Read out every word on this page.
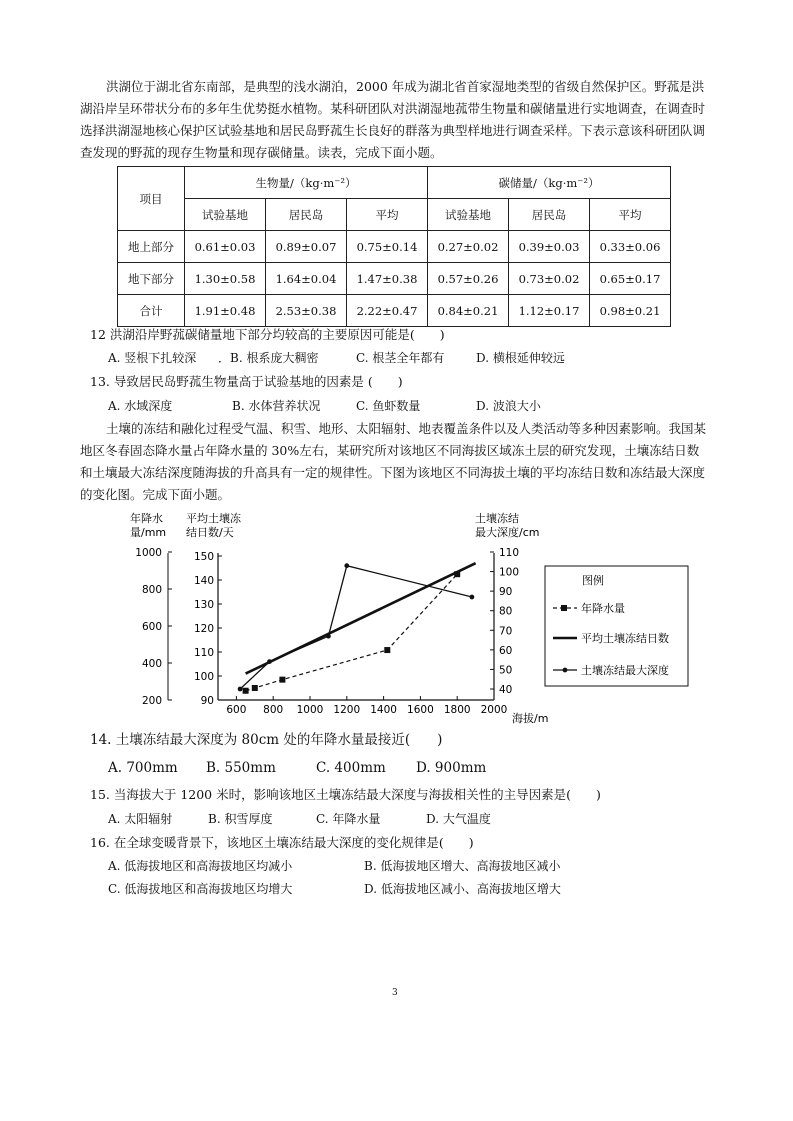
洪湖位于湖北省东南部，是典型的浅水湖泊，2000 年成为湖北省首家湿地类型的省级自然保护区。野菰是洪湖沿岸呈环带状分布的多年生优势挺水植物。某科研团队对洪湖湿地菰带生物量和碳储量进行实地调查，在调查时选择洪湖湿地核心保护区试验基地和居民岛野菰生长良好的群落为典型样地进行调查采样。下表示意该科研团队调查发现的野菰的现存生物量和现存碳储量。读表，完成下面小题。
项目	生物量/（kg·m⁻²）			碳储量/（kg·m⁻²）		
	试验基地	居民岛	平均	试验基地	居民岛	平均
地上部分	0.61±0.03	0.89±0.07	0.75±0.14	0.27±0.02	0.39±0.03	0.33±0.06
地下部分	1.30±0.58	1.64±0.04	1.47±0.38	0.57±0.26	0.73±0.02	0.65±0.17
合计	1.91±0.48	2.53±0.38	2.22±0.47	0.84±0.21	1.12±0.17	0.98±0.21
12 洪湖沿岸野菰碳储量地下部分均较高的主要原因可能是(　　)
A. 竖根下扎较深 ．B. 根系庞大稠密	C. 根茎全年都有	D. 横根延伸较远
13. 导致居民岛野菰生物量高于试验基地的因素是 (　　)
A. 水域深度	B. 水体营养状况	C. 鱼虾数量	D. 波浪大小
土壤的冻结和融化过程受气温、积雪、地形、太阳辐射、地表覆盖条件以及人类活动等多种因素影响。我国某地区冬春固态降水量占年降水量的 30%左右，某研究所对该地区不同海拔区域冻土层的研究发现，土壤冻结日数和土壤最大冻结深度随海拔的升高具有一定的规律性。下图为该地区不同海拔土壤的平均冻结日数和冻结最大深度的变化图。完成下面小题。
年降水
量/mm
平均土壤冻
结日数/天
土壤冻结
最大深度/cm
海拔/m
1000
800
600
400
200
150
140
130
120
110
100
90
110
100
90
80
70
60
50
40
600 800 1000 1200 1400 1600 1800 2000
图例
年降水量
平均土壤冻结日数
土壤冻结最大深度
14. 土壤冻结最大深度为 80cm 处的年降水量最接近(　　)
A. 700mm B. 550mm	C. 400mm D. 900mm
15. 当海拔大于 1200 米时，影响该地区土壤冻结最大深度与海拔相关性的主导因素是(　　)
A. 太阳辐射	B. 积雪厚度	C. 年降水量	D. 大气温度
16. 在全球变暖背景下，该地区土壤冻结最大深度的变化规律是(　　)
A. 低海拔地区和高海拔地区均减小	B. 低海拔地区增大、高海拔地区减小
C. 低海拔地区和高海拔地区均增大	D. 低海拔地区减小、高海拔地区增大
3
